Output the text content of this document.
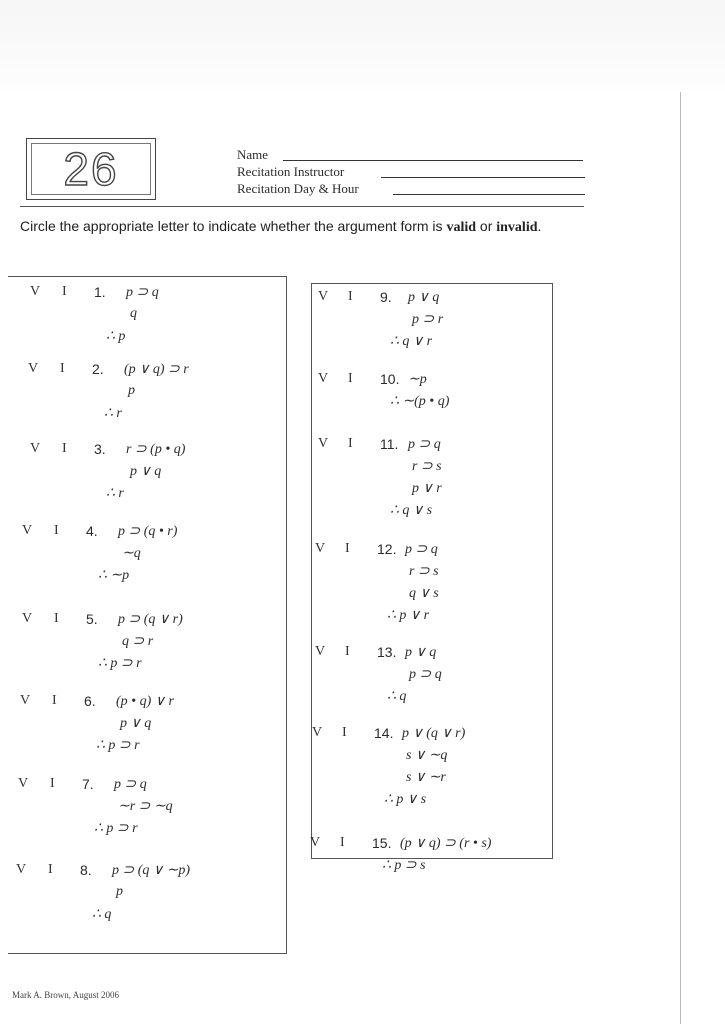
26	Name
Recitation Instructor
Recitation Day & Hour
Circle the appropriate letter to indicate whether the argument form is valid or invalid.
V I 1. p ⊃ q
q
∴ p
V I 2. (p ∨ q) ⊃ r
p
∴ r
V I 3. r ⊃ (p • q)
p ∨ q
∴ r
V I 4. p ⊃ (q • r)
∼q
∴ ∼p
V I 5. p ⊃ (q ∨ r)
q ⊃ r
∴ p ⊃ r
V I 6. (p • q) ∨ r
p ∨ q
∴ p ⊃ r
V I 7. p ⊃ q
∼r ⊃ ∼q
∴ p ⊃ r
V I 8. p ⊃ (q ∨ ∼p)
p
∴ q
V I 9. p ∨ q
p ⊃ r
∴ q ∨ r
V I 10. ∼p
∴ ∼(p • q)
V I 11. p ⊃ q
r ⊃ s
p ∨ r
∴ q ∨ s
V I 12. p ⊃ q
r ⊃ s
q ∨ s
∴ p ∨ r
V I 13. p ∨ q
p ⊃ q
∴ q
V I 14. p ∨ (q ∨ r)
s ∨ ∼q
s ∨ ∼r
∴ p ∨ s
V I 15. (p ∨ q) ⊃ (r • s)
∴ p ⊃ s
Mark A. Brown, August 2006
